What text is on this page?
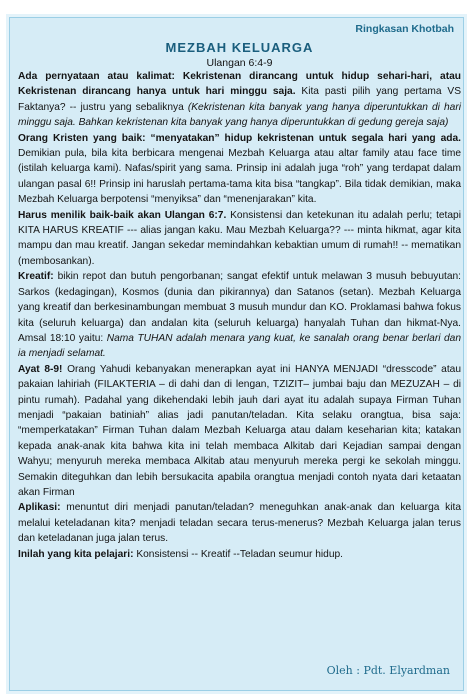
Ringkasan Khotbah
MEZBAH KELUARGA
Ulangan 6:4-9

Ada pernyataan atau kalimat: Kekristenan dirancang untuk hidup sehari-hari, atau Kekristenan dirancang hanya untuk hari minggu saja. Kita pasti pilih yang pertama VS Faktanya? -- justru yang sebaliknya (Kekristenan kita banyak yang hanya diperuntukkan di hari minggu saja. Bahkan kekristenan kita banyak yang hanya diperuntukkan di gedung gereja saja)

Orang Kristen yang baik: “menyatakan” hidup kekristenan untuk segala hari yang ada. Demikian pula, bila kita berbicara mengenai Mezbah Keluarga atau altar family atau face time (istilah keluarga kami). Nafas/spirit yang sama. Prinsip ini adalah juga “roh” yang terdapat dalam ulangan pasal 6!! Prinsip ini haruslah pertama-tama kita bisa “tangkap”. Bila tidak demikian, maka Mezbah Keluarga berpotensi “menyiksa” dan “menenjarakan” kita.

Harus menilik baik-baik akan Ulangan 6:7. Konsistensi dan ketekunan itu adalah perlu; tetapi KITA HARUS KREATIF --- alias jangan kaku. Mau Mezbah Keluarga?? --- minta hikmat, agar kita mampu dan mau kreatif. Jangan sekedar memindahkan kebaktian umum di rumah!! -- mematikan (membosankan).

Kreatif: bikin repot dan butuh pengorbanan; sangat efektif untuk melawan 3 musuh bebuyutan: Sarkos (kedagingan), Kosmos (dunia dan pikirannya) dan Satanos (setan). Mezbah Keluarga yang kreatif dan berkesinambungan membuat 3 musuh mundur dan KO. Proklamasi bahwa fokus kita (seluruh keluarga) dan andalan kita (seluruh keluarga) hanyalah Tuhan dan hikmat-Nya. Amsal 18:10 yaitu: Nama TUHAN adalah menara yang kuat, ke sanalah orang benar berlari dan ia menjadi selamat.

Ayat 8-9! Orang Yahudi kebanyakan menerapkan ayat ini HANYA MENJADI “dresscode” atau pakaian lahiriah (FILAKTERIA – di dahi dan di lengan, TZIZIT– jumbai baju dan MEZUZAH – di pintu rumah). Padahal yang dikehendaki lebih jauh dari ayat itu adalah supaya Firman Tuhan menjadi “pakaian batiniah” alias jadi panutan/teladan. Kita selaku orangtua, bisa saja: “memperkatakan” Firman Tuhan dalam Mezbah Keluarga atau dalam keseharian kita; katakan kepada anak-anak kita bahwa kita ini telah membaca Alkitab dari Kejadian sampai dengan Wahyu; menyuruh mereka membaca Alkitab atau menyuruh mereka pergi ke sekolah minggu. Semakin diteguhkan dan lebih bersukacita apabila orangtua menjadi contoh nyata dari ketaatan akan Firman

Aplikasi: menuntut diri menjadi panutan/teladan? meneguhkan anak-anak dan keluarga kita melalui keteladanan kita? menjadi teladan secara terus-menerus? Mezbah Keluarga jalan terus dan keteladanan juga jalan terus.

Inilah yang kita pelajari: Konsistensi -- Kreatif --Teladan seumur hidup.

Oleh : Pdt. Elyardman
